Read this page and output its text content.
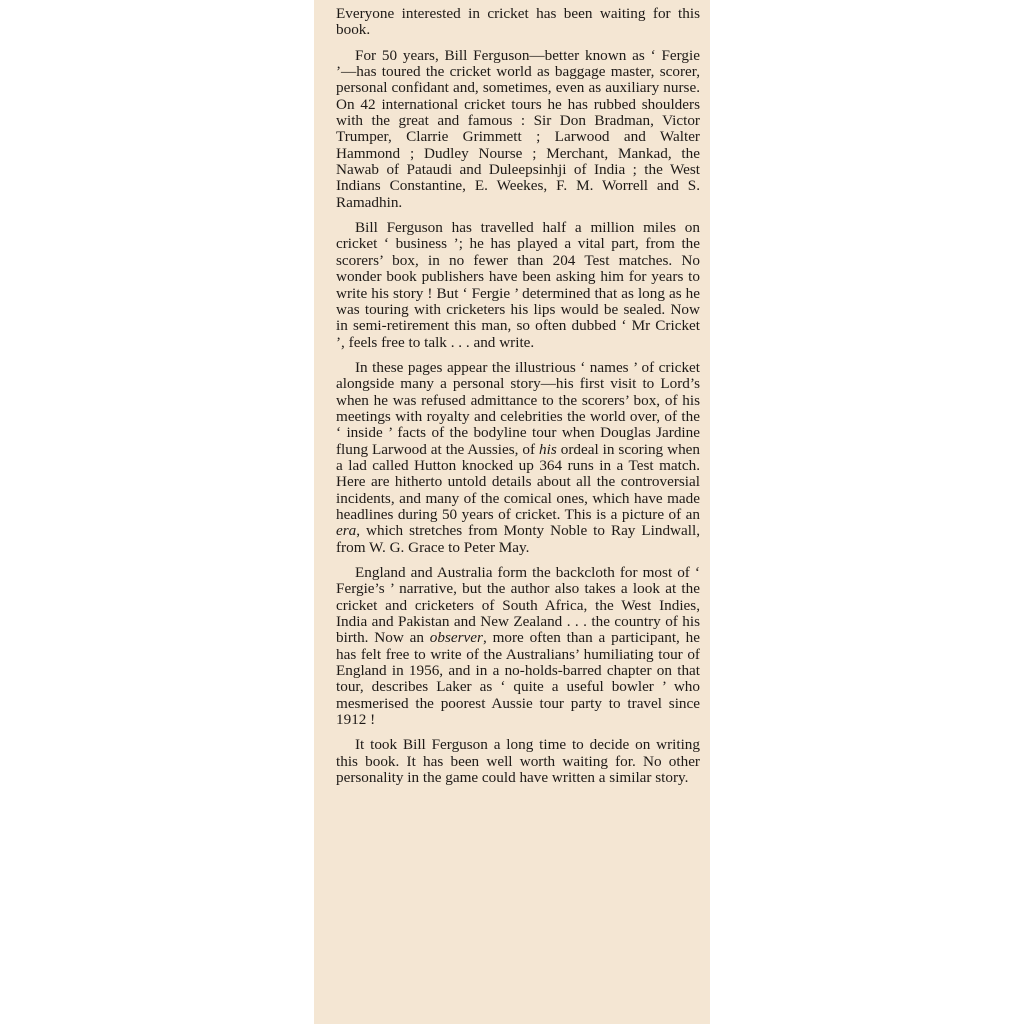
Everyone interested in cricket has been waiting for this book.

For 50 years, Bill Ferguson—better known as ‘ Fergie ’—has toured the cricket world as baggage master, scorer, personal confidant and, sometimes, even as auxiliary nurse. On 42 international cricket tours he has rubbed shoulders with the great and famous : Sir Don Bradman, Victor Trumper, Clarrie Grimmett ; Larwood and Walter Hammond ; Dudley Nourse ; Merchant, Mankad, the Nawab of Pataudi and Duleepsinhji of India ; the West Indians Constantine, E. Weekes, F. M. Worrell and S. Ramadhin.

Bill Ferguson has travelled half a million miles on cricket ‘ business ’; he has played a vital part, from the scorers’ box, in no fewer than 204 Test matches. No wonder book publishers have been asking him for years to write his story ! But ‘ Fergie ’ determined that as long as he was touring with cricketers his lips would be sealed. Now in semi-retirement this man, so often dubbed ‘ Mr Cricket ’, feels free to talk . . . and write.

In these pages appear the illustrious ‘ names ’ of cricket alongside many a personal story—his first visit to Lord’s when he was refused admittance to the scorers’ box, of his meetings with royalty and celebrities the world over, of the ‘ inside ’ facts of the bodyline tour when Douglas Jardine flung Larwood at the Aussies, of his ordeal in scoring when a lad called Hutton knocked up 364 runs in a Test match. Here are hitherto untold details about all the controversial incidents, and many of the comical ones, which have made headlines during 50 years of cricket. This is a picture of an era, which stretches from Monty Noble to Ray Lindwall, from W. G. Grace to Peter May.

England and Australia form the backcloth for most of ‘ Fergie’s ’ narrative, but the author also takes a look at the cricket and cricketers of South Africa, the West Indies, India and Pakistan and New Zealand . . . the country of his birth. Now an observer, more often than a participant, he has felt free to write of the Australians’ humiliating tour of England in 1956, and in a no-holds-barred chapter on that tour, describes Laker as ‘ quite a useful bowler ’ who mesmerised the poorest Aussie tour party to travel since 1912 !

It took Bill Ferguson a long time to decide on writing this book. It has been well worth waiting for. No other personality in the game could have written a similar story.
